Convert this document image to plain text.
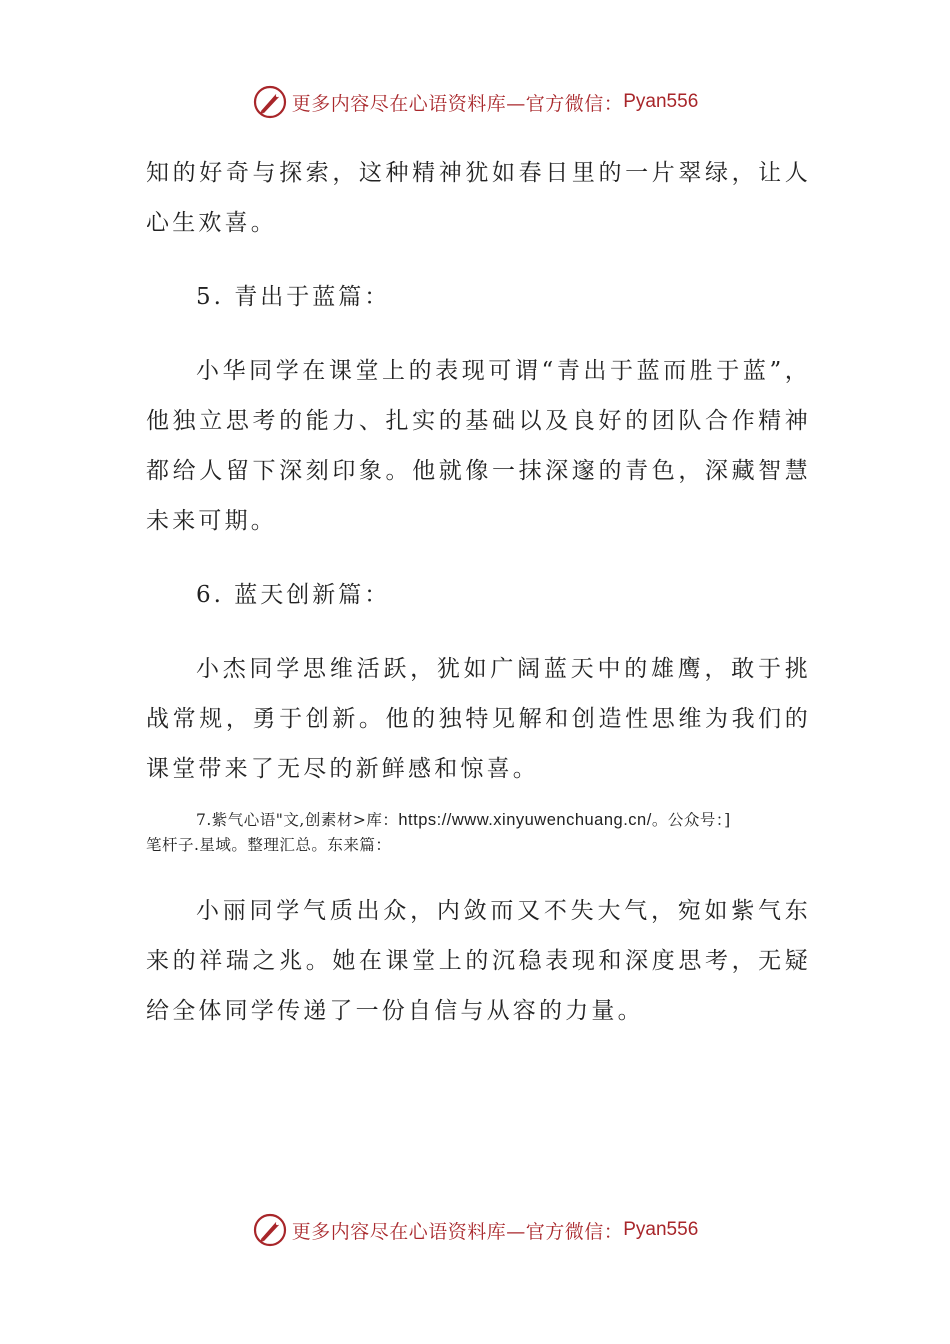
更多内容尽在心语资料库—官方微信： Pyan556

知的好奇与探索，这种精神犹如春日里的一片翠绿，让人心生欢喜。

5. 青出于蓝篇：

小华同学在课堂上的表现可谓“青出于蓝而胜于蓝”，他独立思考的能力、扎实的基础以及良好的团队合作精神都给人留下深刻印象。他就像一抹深邃的青色，深藏智慧未来可期。

6. 蓝天创新篇：

小杰同学思维活跃，犹如广阔蓝天中的雄鹰，敢于挑战常规，勇于创新。他的独特见解和创造性思维为我们的课堂带来了无尽的新鲜感和惊喜。

7.紫气心语"文,创素材>库：https://www.xinyuwenchuang.cn/。公众号：]
笔杆子.星域。整理汇总。东来篇：

小丽同学气质出众，内敛而又不失大气，宛如紫气东来的祥瑞之兆。她在课堂上的沉稳表现和深度思考，无疑给全体同学传递了一份自信与从容的力量。

更多内容尽在心语资料库—官方微信： Pyan556
